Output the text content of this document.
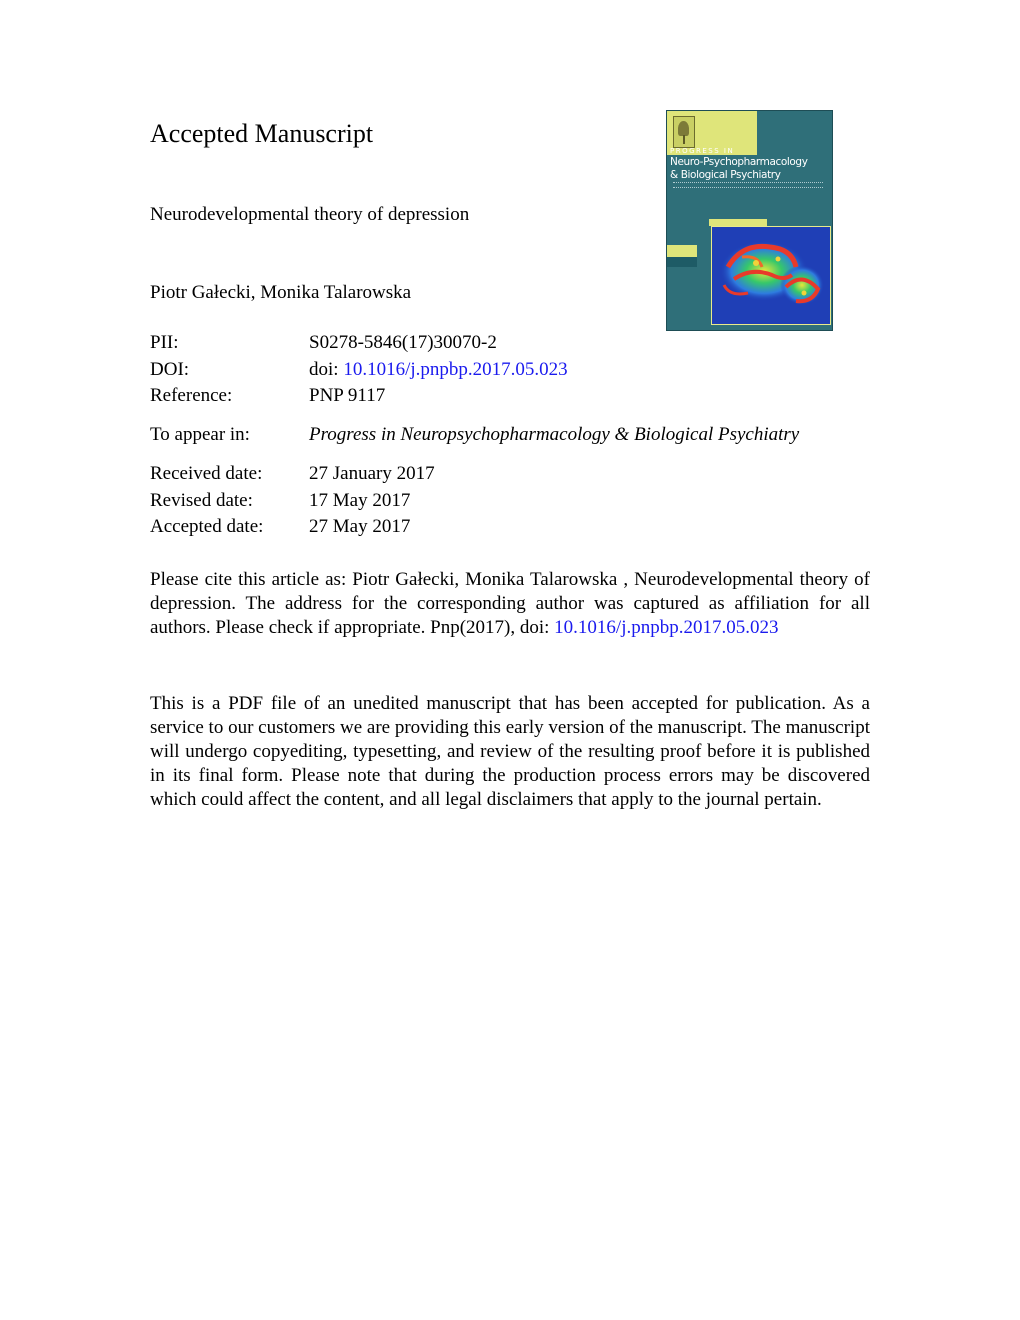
Accepted Manuscript
Neurodevelopmental theory of depression
Piotr Gałecki, Monika Talarowska
PROGRESS IN
Neuro-Psychopharmacology
& Biological Psychiatry
PII:	S0278-5846(17)30070-2
DOI:	doi: 10.1016/j.pnpbp.2017.05.023
Reference:	PNP 9117
To appear in:	Progress in Neuropsychopharmacology & Biological Psychiatry
Received date: 27 January 2017
Revised date:	17 May 2017
Accepted date: 27 May 2017
Please cite this article as: Piotr Gałecki, Monika Talarowska , Neurodevelopmental theory of depression. The address for the corresponding author was captured as affiliation for all authors. Please check if appropriate. Pnp(2017), doi: 10.1016/j.pnpbp.2017.05.023
This is a PDF file of an unedited manuscript that has been accepted for publication. As a service to our customers we are providing this early version of the manuscript. The manuscript will undergo copyediting, typesetting, and review of the resulting proof before it is published in its final form. Please note that during the production process errors may be discovered which could affect the content, and all legal disclaimers that apply to the journal pertain.
